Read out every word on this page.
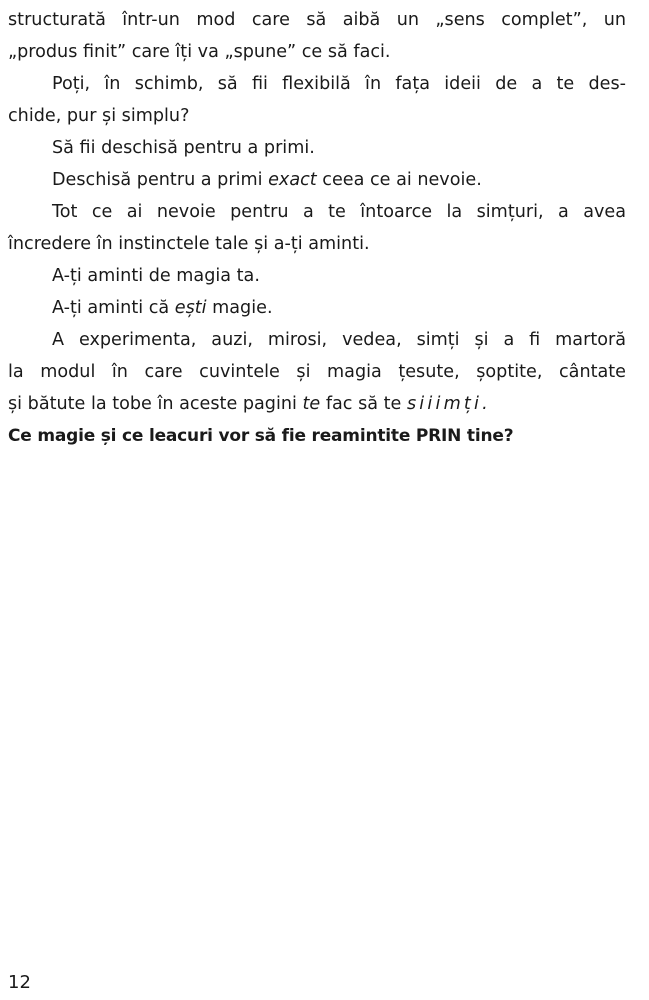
structurată într-un mod care să aibă un „sens complet”, un
„produs finit” care îți va „spune” ce să faci.
Poți, în schimb, să fii flexibilă în fața ideii de a te des-
chide, pur și simplu?
Să fii deschisă pentru a primi.
Deschisă pentru a primi exact ceea ce ai nevoie.
Tot ce ai nevoie pentru a te întoarce la simțuri, a avea
încredere în instinctele tale și a-ți aminti.
A-ți aminti de magia ta.
A-ți aminti că ești magie.
A experimenta, auzi, mirosi, vedea, simți și a fi martoră
la modul în care cuvintele și magia țesute, șoptite, cântate
și bătute la tobe în aceste pagini te fac să te siiimți.
Ce magie și ce leacuri vor să fie reamintite PRIN tine?
12
